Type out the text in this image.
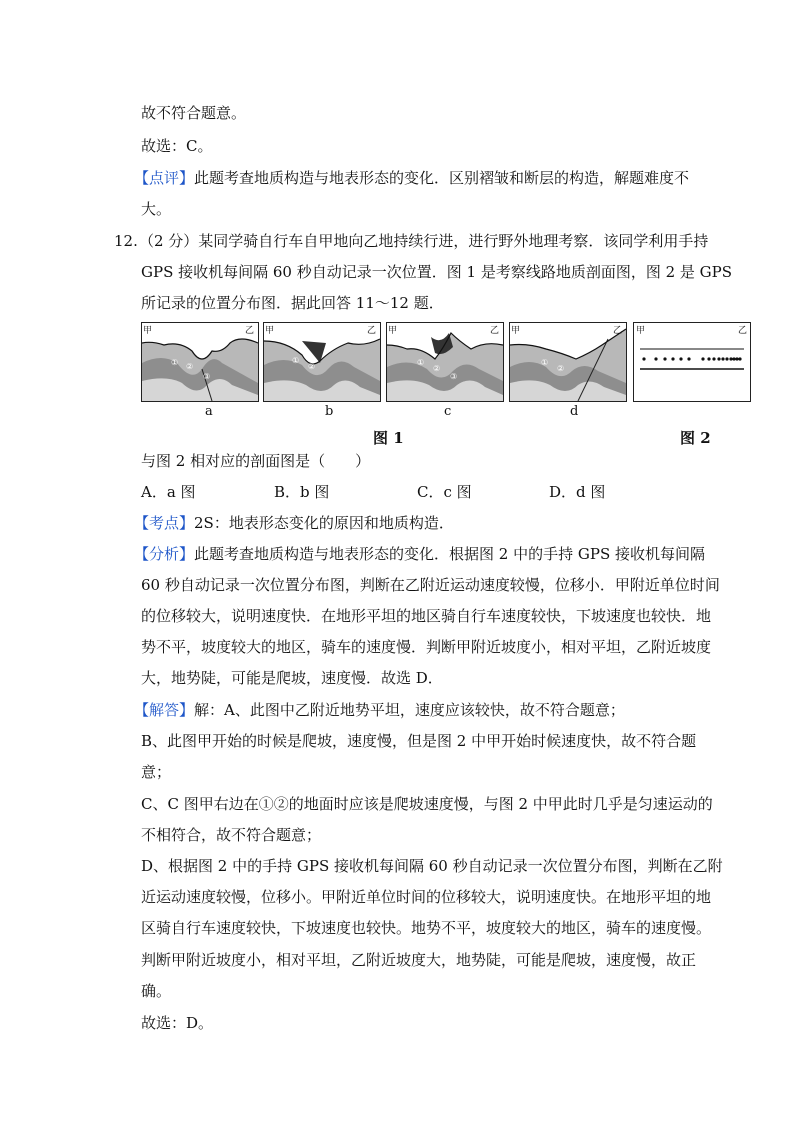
故不符合题意。
故选：C。
【点评】此题考查地质构造与地表形态的变化．区别褶皱和断层的构造，解题难度不
大。
12. （2 分）某同学骑自行车自甲地向乙地持续行进，进行野外地理考察．该同学利用手持
GPS 接收机每间隔 60 秒自动记录一次位置．图 1 是考察线路地质剖面图，图 2 是 GPS
所记录的位置分布图．据此回答 11～12 题．
甲	乙 甲	乙 甲	乙 甲	乙
① ②
③
①
②	①
②
③
①
②
甲	乙
a	b	c	d
图 1	图 2
与图 2 相对应的剖面图是（　　）
A．a 图	B．b 图	C．c 图	D．d 图
【考点】2S：地表形态变化的原因和地质构造．
【分析】此题考查地质构造与地表形态的变化．根据图 2 中的手持 GPS 接收机每间隔
60 秒自动记录一次位置分布图，判断在乙附近运动速度较慢，位移小．甲附近单位时间
的位移较大，说明速度快．在地形平坦的地区骑自行车速度较快，下坡速度也较快．地
势不平，坡度较大的地区，骑车的速度慢．判断甲附近坡度小，相对平坦，乙附近坡度
大，地势陡，可能是爬坡，速度慢．故选 D．
【解答】解：A、此图中乙附近地势平坦，速度应该较快，故不符合题意；
B、此图甲开始的时候是爬坡，速度慢，但是图 2 中甲开始时候速度快，故不符合题
意；
C、C 图甲右边在①②的地面时应该是爬坡速度慢，与图 2 中甲此时几乎是匀速运动的
不相符合，故不符合题意；
D、根据图 2 中的手持 GPS 接收机每间隔 60 秒自动记录一次位置分布图，判断在乙附
近运动速度较慢，位移小。甲附近单位时间的位移较大，说明速度快。在地形平坦的地
区骑自行车速度较快，下坡速度也较快。地势不平，坡度较大的地区，骑车的速度慢。
判断甲附近坡度小，相对平坦，乙附近坡度大，地势陡，可能是爬坡，速度慢，故正
确。
故选：D。
